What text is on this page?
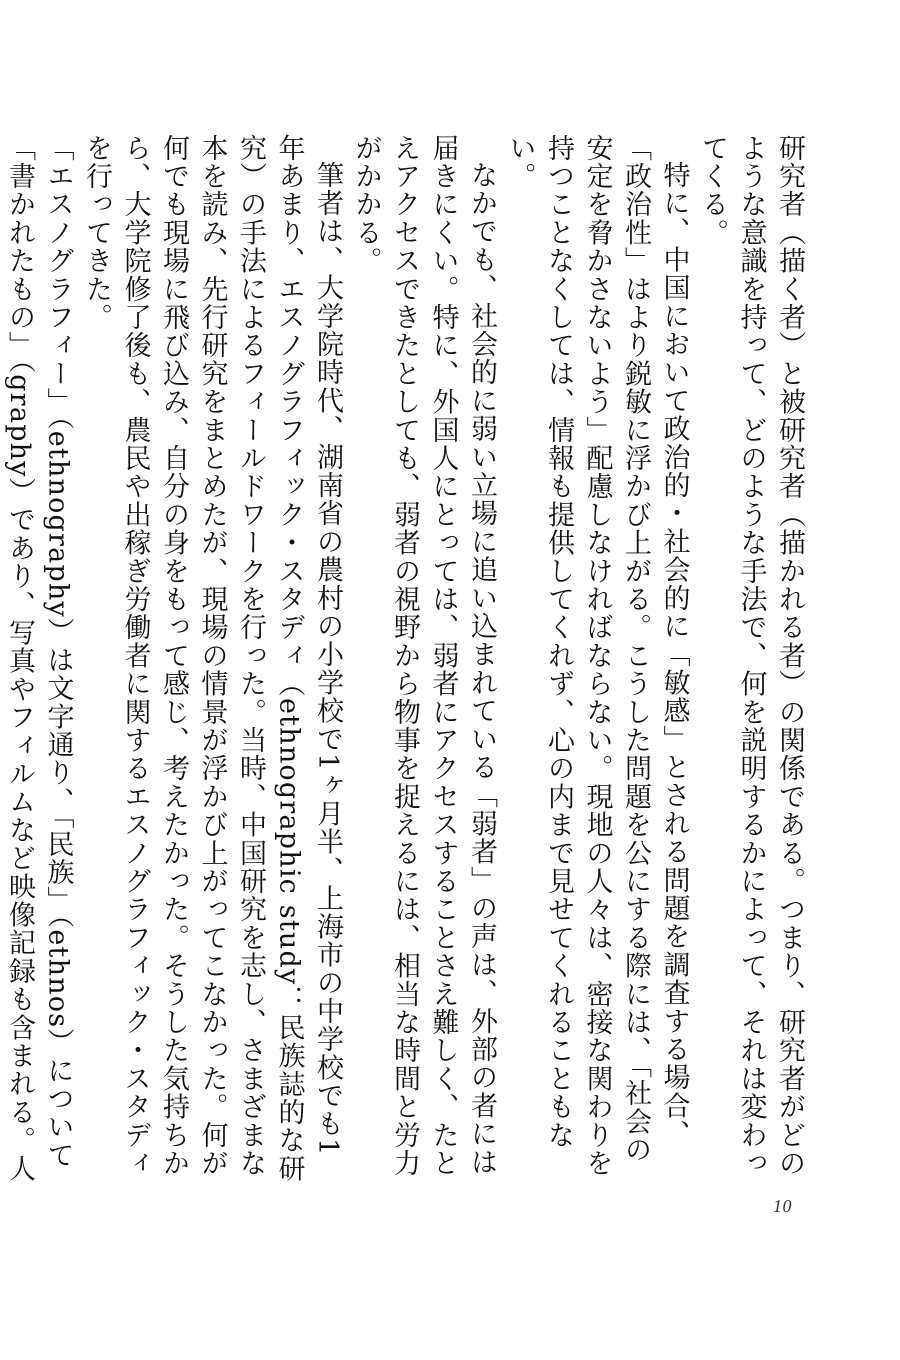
研究者（描く者）と被研究者（描かれる者）の関係である。つまり、研究者がどのような意識を持って、どのような手法で、何を説明するかによって、それは変わってくる。

特に、中国において政治的・社会的に「敏感」とされる問題を調査する場合、「政治性」はより鋭敏に浮かび上がる。こうした問題を公にする際には、「社会の安定を脅かさないよう」配慮しなければならない。現地の人々は、密接な関わりを持つことなくしては、情報も提供してくれず、心の内まで見せてくれることもない。

なかでも、社会的に弱い立場に追い込まれている「弱者」の声は、外部の者には届きにくい。特に、外国人にとっては、弱者にアクセスすることさえ難しく、たとえアクセスできたとしても、弱者の視野から物事を捉えるには、相当な時間と労力がかかる。

筆者は、大学院時代、湖南省の農村の小学校で1ヶ月半、上海市の中学校でも1年あまり、エスノグラフィック・スタディ（ethnographic study：民族誌的な研究）の手法によるフィールドワークを行った。当時、中国研究を志し、さまざまな本を読み、先行研究をまとめたが、現場の情景が浮かび上がってこなかった。何が何でも現場に飛び込み、自分の身をもって感じ、考えたかった。そうした気持ちから、大学院修了後も、農民や出稼ぎ労働者に関するエスノグラフィック・スタディを行ってきた。

「エスノグラフィー」（ethnography）は文字通り、「民族」（ethnos）について「書かれたもの」（graphy）であり、写真やフィルムなど映像記録も含まれる。人

10
